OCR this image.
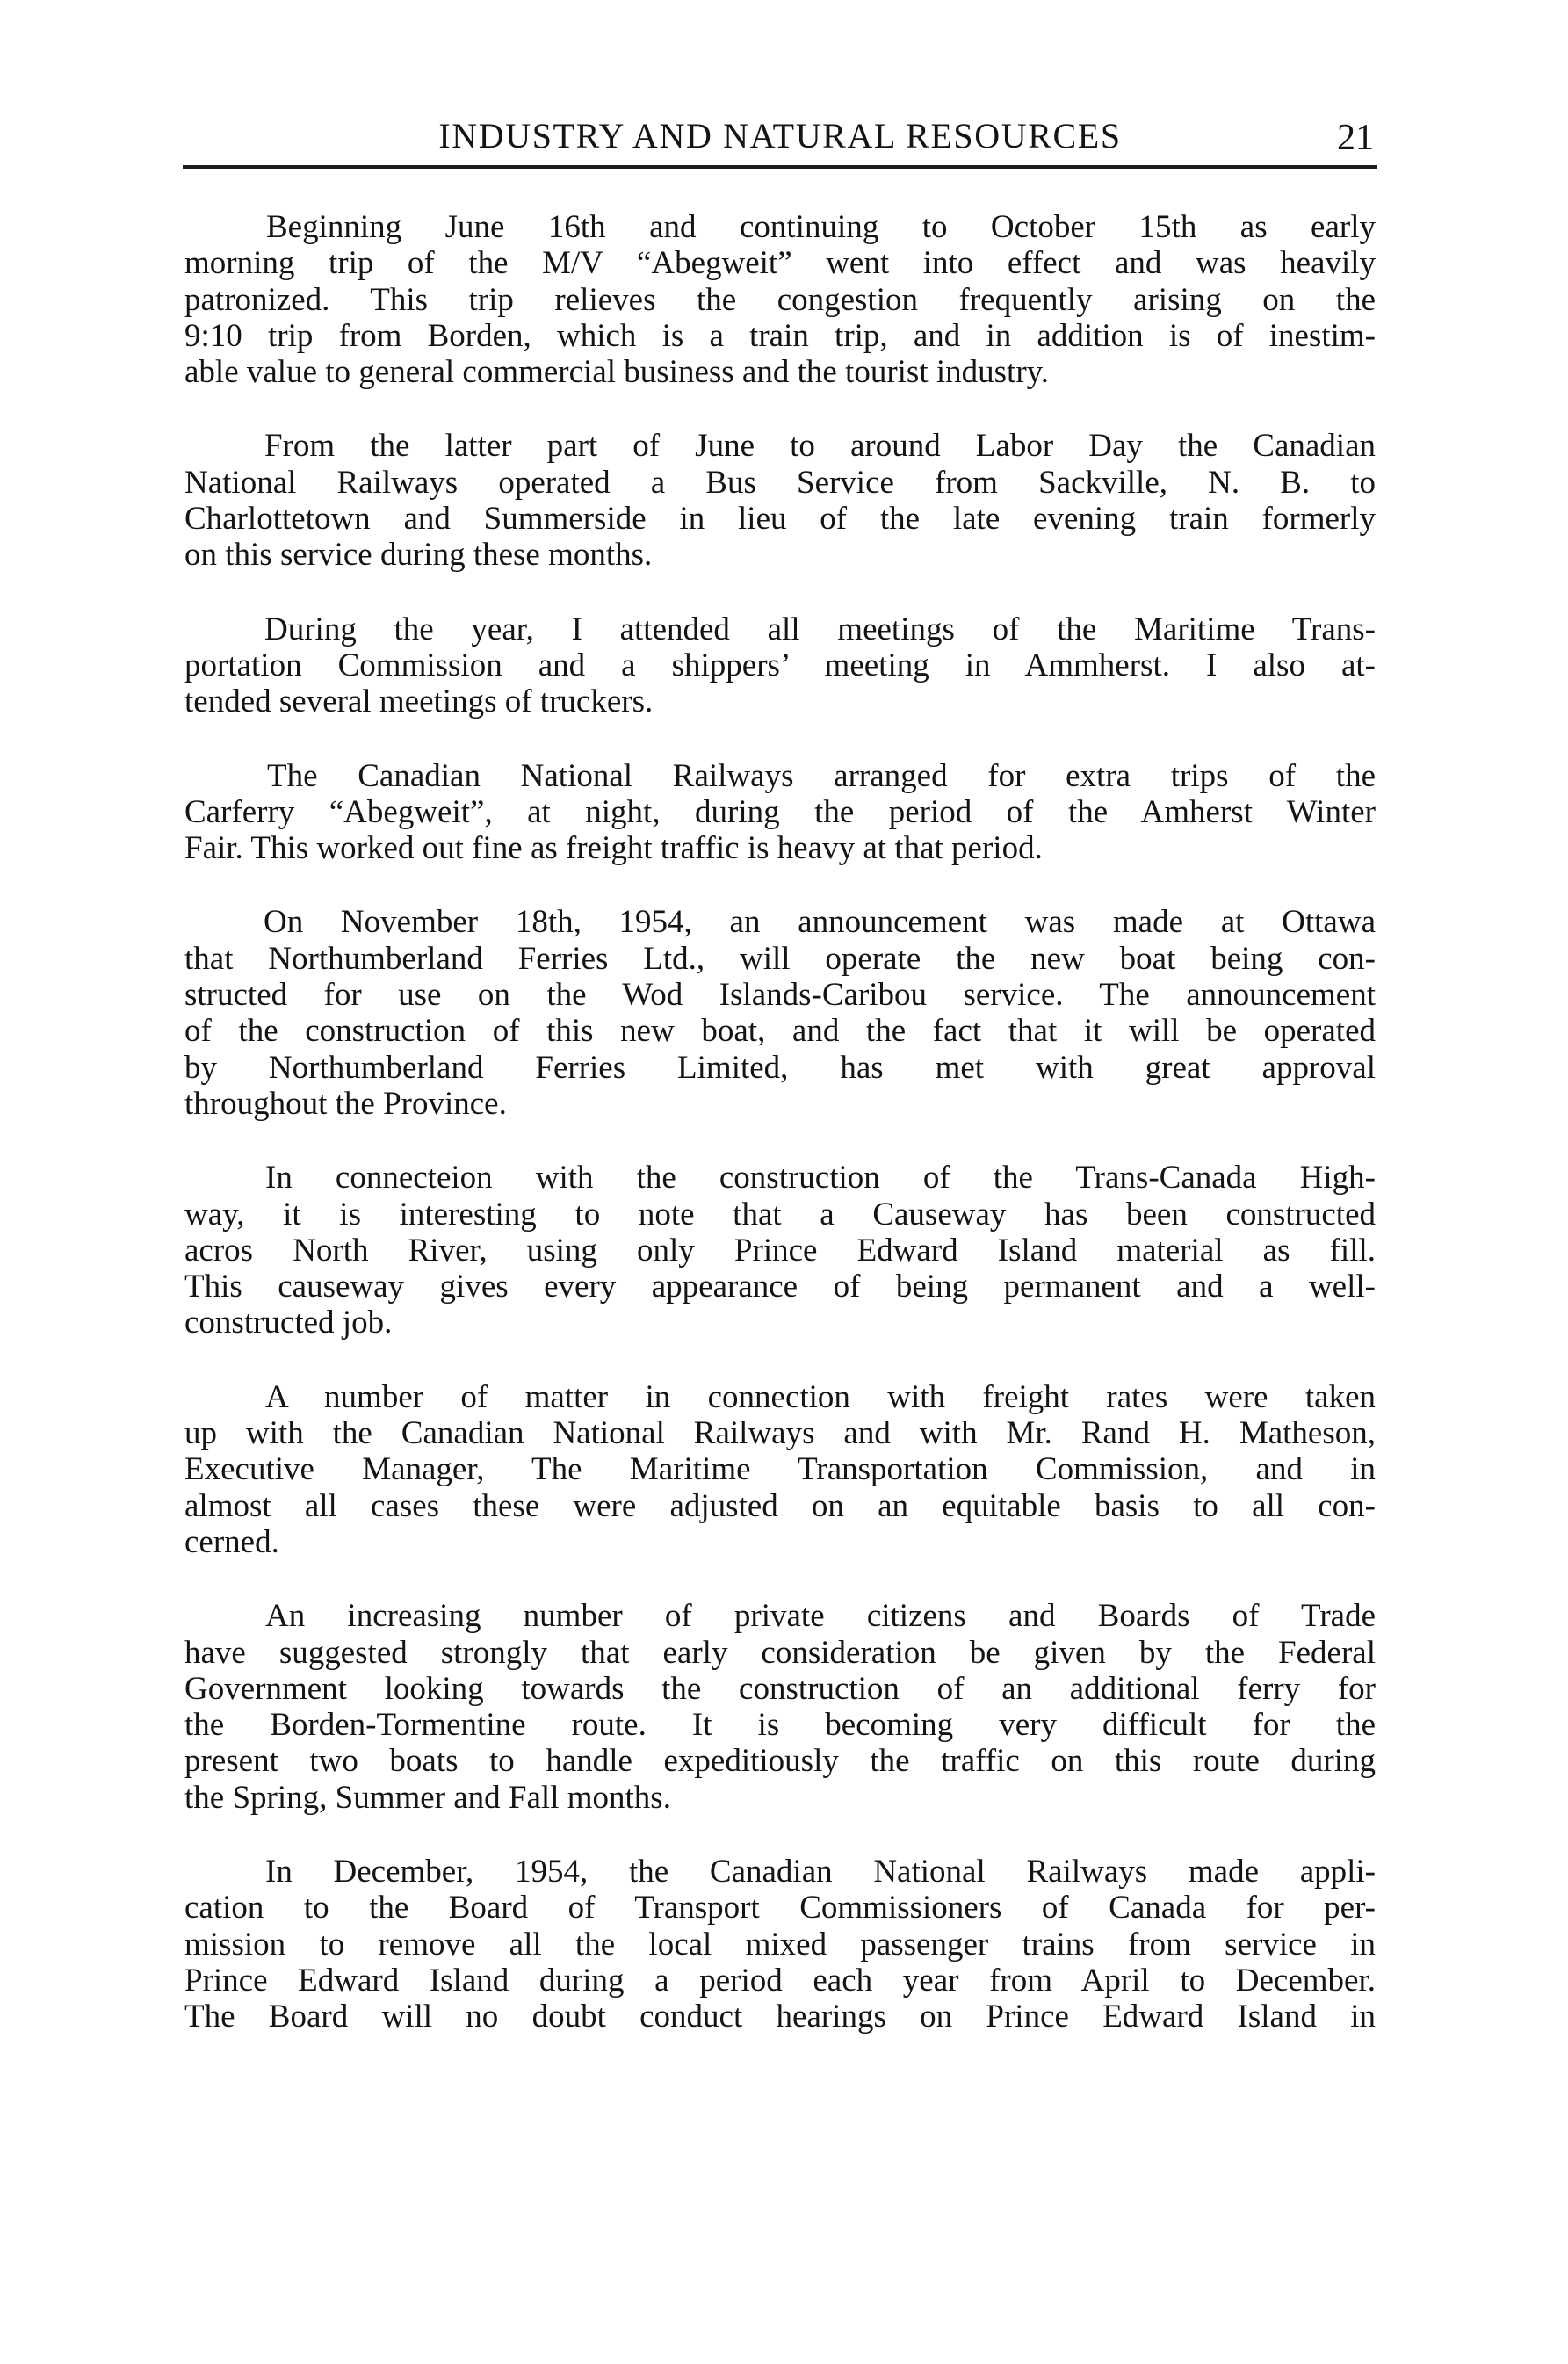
INDUSTRY AND NATURAL RESOURCES	21
Beginning June 16th and continuing to October 15th as early
morning trip of the M/V “Abegweit” went into effect and was heavily
patronized. This trip relieves the congestion frequently arising on the
9:10 trip from Borden, which is a train trip, and in addition is of inestim-
able value to general commercial business and the tourist industry.
From the latter part of June to around Labor Day the Canadian
National Railways operated a Bus Service from Sackville, N. B. to
Charlottetown and Summerside in lieu of the late evening train formerly
on this service during these months.
During the year, I attended all meetings of the Maritime Trans-
portation Commission and a shippers’ meeting in Ammherst. I also at-
tended several meetings of truckers.
The Canadian National Railways arranged for extra trips of the
Carferry “Abegweit”, at night, during the period of the Amherst Winter
Fair. This worked out fine as freight traffic is heavy at that period.
On November 18th, 1954, an announcement was made at Ottawa
that Northumberland Ferries Ltd., will operate the new boat being con-
structed for use on the Wod Islands-Caribou service. The announcement
of the construction of this new boat, and the fact that it will be operated
by Northumberland Ferries Limited, has met with great approval
throughout the Province.
In connecteion with the construction of the Trans-Canada High-
way, it is interesting to note that a Causeway has been constructed
acros North River, using only Prince Edward Island material as fill.
This causeway gives every appearance of being permanent and a well-
constructed job.
A number of matter in connection with freight rates were taken
up with the Canadian National Railways and with Mr. Rand H. Matheson,
Executive Manager, The Maritime Transportation Commission, and in
almost all cases these were adjusted on an equitable basis to all con-
cerned.
An increasing number of private citizens and Boards of Trade
have suggested strongly that early consideration be given by the Federal
Government looking towards the construction of an additional ferry for
the Borden-Tormentine route. It is becoming very difficult for the
present two boats to handle expeditiously the traffic on this route during
the Spring, Summer and Fall months.
In December, 1954, the Canadian National Railways made appli-
cation to the Board of Transport Commissioners of Canada for per-
mission to remove all the local mixed passenger trains from service in
Prince Edward Island during a period each year from April to December.
The Board will no doubt conduct hearings on Prince Edward Island in
